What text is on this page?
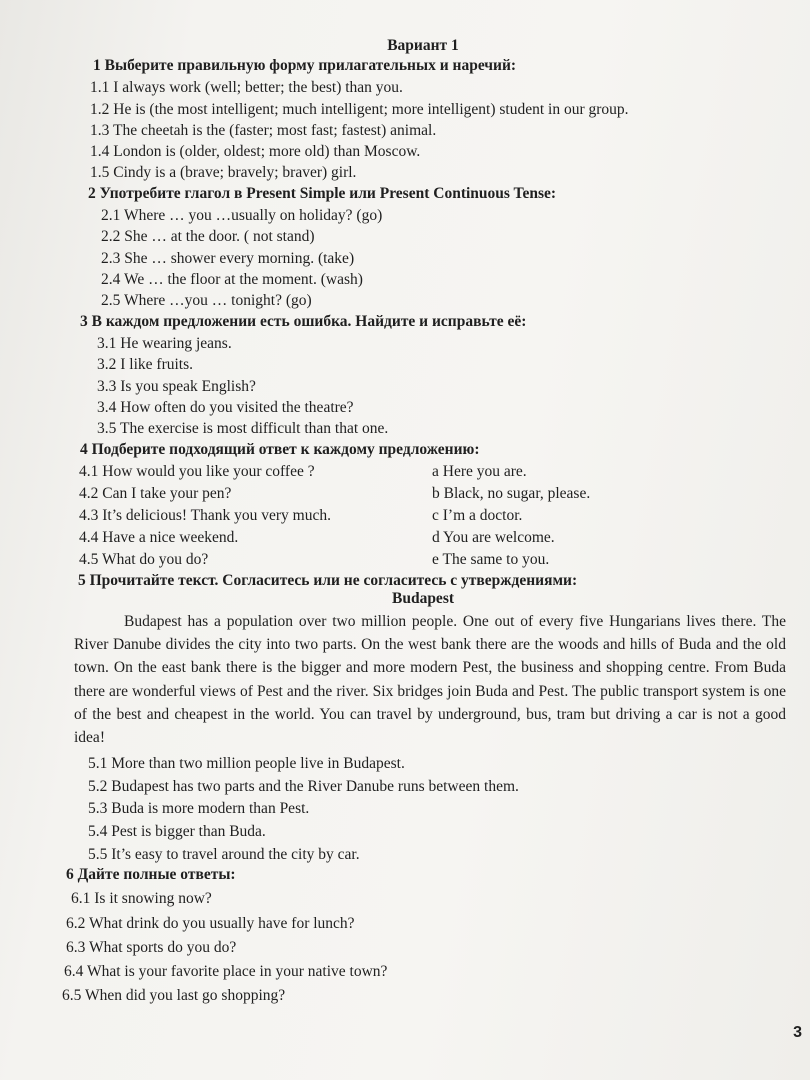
Вариант 1
1 Выберите правильную форму прилагательных и наречий:
1.1 I always work (well; better; the best) than you.
1.2 He is (the most intelligent; much intelligent; more intelligent) student in our group.
1.3 The cheetah is the (faster; most fast; fastest) animal.
1.4 London is (older, oldest; more old) than Moscow.
1.5 Cindy is a (brave; bravely; braver) girl.
2 Употребите глагол в Present Simple или Present Continuous Tense:
2.1 Where … you …usually on holiday? (go)
2.2 She … at the door. ( not stand)
2.3 She … shower every morning. (take)
2.4 We … the floor at the moment. (wash)
2.5 Where …you … tonight? (go)
3 В каждом предложении есть ошибка. Найдите и исправьте её:
3.1 He wearing jeans.
3.2 I like fruits.
3.3 Is you speak English?
3.4 How often do you visited the theatre?
3.5 The exercise is most difficult than that one.
4 Подберите подходящий ответ к каждому предложению:
4.1 How would you like your coffee ?
4.2 Can I take your pen?
4.3 It’s delicious! Thank you very much.
4.4 Have a nice weekend.
4.5 What do you do?
a Here you are.
b Black, no sugar, please.
c I’m a doctor.
d You are welcome.
e The same to you.
5 Прочитайте текст. Согласитесь или не согласитесь с утверждениями:
Budapest
Budapest has a population over two million people. One out of every five Hungarians lives there. The River Danube divides the city into two parts. On the west bank there are the woods and hills of Buda and the old town. On the east bank there is the bigger and more modern Pest, the business and shopping centre. From Buda there are wonderful views of Pest and the river. Six bridges join Buda and Pest. The public transport system is one of the best and cheapest in the world. You can travel by underground, bus, tram but driving a car is not a good idea!
5.1 More than two million people live in Budapest.
5.2 Budapest has two parts and the River Danube runs between them.
5.3 Buda is more modern than Pest.
5.4 Pest is bigger than Buda.
5.5 It’s easy to travel around the city by car.
6 Дайте полные ответы:
6.1 Is it snowing now?
6.2 What drink do you usually have for lunch?
6.3 What sports do you do?
6.4 What is your favorite place in your native town?
6.5 When did you last go shopping?
3
